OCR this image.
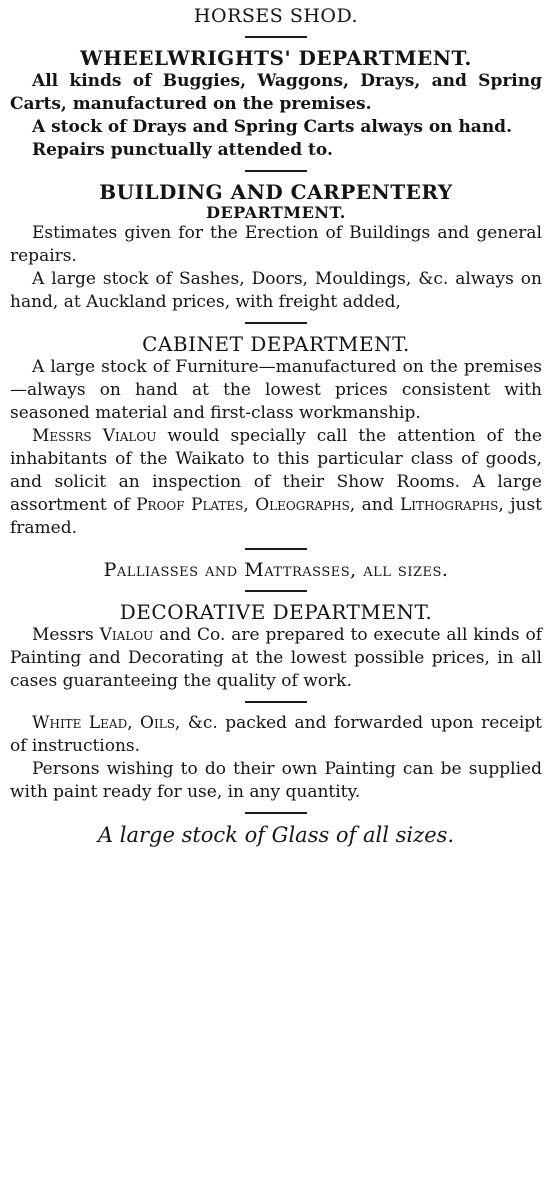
HORSES SHOD.
WHEELWRIGHTS' DEPARTMENT.

All kinds of Buggies, Waggons, Drays, and Spring Carts, manufactured on the premises.

A stock of Drays and Spring Carts always on hand.

Repairs punctually attended to.

BUILDING AND CARPENTERY
DEPARTMENT.

Estimates given for the Erection of Buildings and general repairs.

A large stock of Sashes, Doors, Mouldings, &c. always on hand, at Auckland prices, with freight added,

CABINET DEPARTMENT.

A large stock of Furniture—manufactured on the premises—always on hand at the lowest prices consistent with seasoned material and first-class workmanship.

Messrs Vialou would specially call the attention of the inhabitants of the Waikato to this particular class of goods, and solicit an inspection of their Show Rooms. A large assortment of Proof Plates, Oleographs, and Lithographs, just framed.

Palliasses and Mattrasses, all sizes.
DECORATIVE DEPARTMENT.

Messrs Vialou and Co. are prepared to execute all kinds of Painting and Decorating at the lowest possible prices, in all cases guaranteeing the quality of work.

White Lead, Oils, &c. packed and forwarded upon receipt of instructions.

Persons wishing to do their own Painting can be supplied with paint ready for use, in any quantity.

A large stock of Glass of all sizes.
